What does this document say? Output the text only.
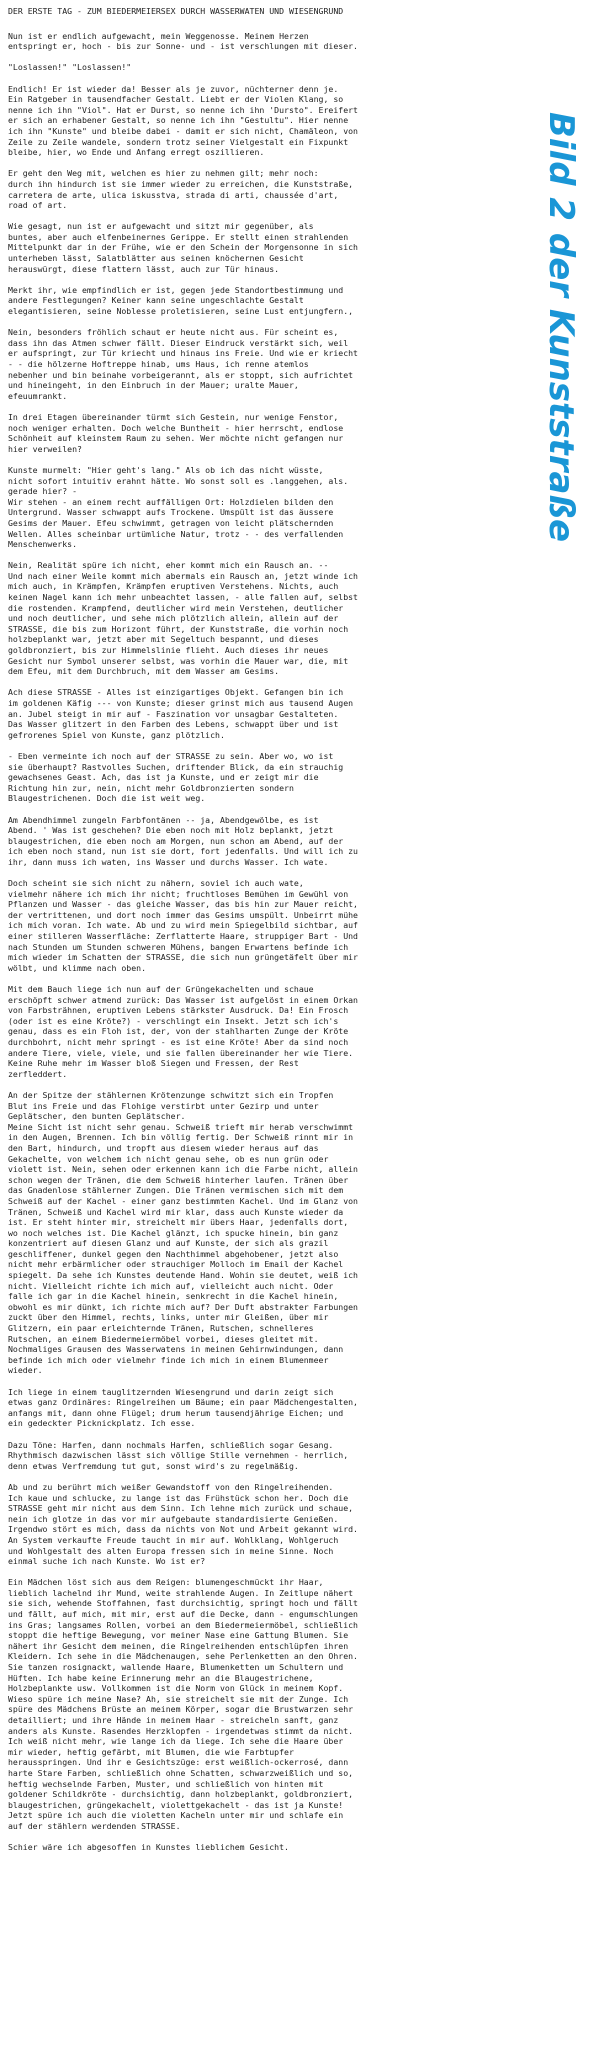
DER ERSTE TAG - ZUM BIEDERMEIERSEX DURCH WASSERWATEN UND WIESENGRUND

Nun ist er endlich aufgewacht, mein Weggenosse. Meinem Herzen
entspringt er, hoch - bis zur Sonne- und - ist verschlungen mit dieser.

"Loslassen!" "Loslassen!"

Endlich! Er ist wieder da! Besser als je zuvor, nüchterner denn je.
Ein Ratgeber in tausendfacher Gestalt. Liebt er der Violen Klang, so
nenne ich ihn "Viol". Hat er Durst, so nenne ich ihn 'Dursto". Ereifert
er sich an erhabener Gestalt, so nenne ich ihn "Gestultu". Hier nenne
ich ihn "Kunste" und bleibe dabei - damit er sich nicht, Chamäleon, von
Zeile zu Zeile wandele, sondern trotz seiner Vielgestalt ein Fixpunkt
bleibe, hier, wo Ende und Anfang erregt oszillieren.

Er geht den Weg mit, welchen es hier zu nehmen gilt; mehr noch:
durch ihn hindurch ist sie immer wieder zu erreichen, die Kunststraße,
carretera de arte, ulica iskusstva, strada di arti, chaussée d'art,
road of art.

Wie gesagt, nun ist er aufgewacht und sitzt mir gegenüber, als
buntes, aber auch elfenbeinernes Gerippe. Er stellt einen strahlenden
Mittelpunkt dar in der Frühe, wie er den Schein der Morgensonne in sich
unterheben lässt, Salatblätter aus seinen knöchernen Gesicht
herauswürgt, diese flattern lässt, auch zur Tür hinaus.

Merkt ihr, wie empfindlich er ist, gegen jede Standortbestimmung und
andere Festlegungen? Keiner kann seine ungeschlachte Gestalt
elegantisieren, seine Noblesse proletisieren, seine Lust entjungfern.,

Nein, besonders fröhlich schaut er heute nicht aus. Für scheint es,
dass ihn das Atmen schwer fällt. Dieser Eindruck verstärkt sich, weil
er aufspringt, zur Tür kriecht und hinaus ins Freie. Und wie er kriecht
- - die hölzerne Hoftreppe hinab, ums Haus, ich renne atemlos
nebenher und bin beinahe vorbeigerannt, als er stoppt, sich aufrichtet
und hineingeht, in den Einbruch in der Mauer; uralte Mauer,
efeuumrankt.

In drei Etagen übereinander türmt sich Gestein, nur wenige Fenstor,
noch weniger erhalten. Doch welche Buntheit - hier herrscht, endlose
Schönheit auf kleinstem Raum zu sehen. Wer möchte nicht gefangen nur
hier verweilen?

Kunste murmelt: "Hier geht's lang." Als ob ich das nicht wüsste,
nicht sofort intuitiv erahnt hätte. Wo sonst soll es .langgehen, als.
gerade hier? -
Wir stehen - an einem recht auffälligen Ort: Holzdielen bilden den
Untergrund. Wasser schwappt aufs Trockene. Umspült ist das äussere
Gesims der Mauer. Efeu schwimmt, getragen von leicht plätschernden
Wellen. Alles scheinbar urtümliche Natur, trotz - - des verfallenden
Menschenwerks.

Nein, Realität spüre ich nicht, eher kommt mich ein Rausch an. --
Und nach einer Weile kommt mich abermals ein Rausch an, jetzt winde ich
mich auch, in Krämpfen, Krämpfen eruptiven Verstehens. Nichts, auch
keinen Nagel kann ich mehr unbeachtet lassen, - alle fallen auf, selbst
die rostenden. Krampfend, deutlicher wird mein Verstehen, deutlicher
und noch deutlicher, und sehe mich plötzlich allein, allein auf der
STRASSE, die bis zum Horizont führt, der Kunststraße, die vorhin noch
holzbeplankt war, jetzt aber mit Segeltuch bespannt, und dieses
goldbronziert, bis zur Himmelslinie flieht. Auch dieses ihr neues
Gesicht nur Symbol unserer selbst, was vorhin die Mauer war, die, mit
dem Efeu, mit dem Durchbruch, mit dem Wasser am Gesims.

Ach diese STRASSE - Alles ist einzigartiges Objekt. Gefangen bin ich
im goldenen Käfig --- von Kunste; dieser grinst mich aus tausend Augen
an. Jubel steigt in mir auf - Faszination vor unsagbar Gestalteten.
Das Wasser glitzert in den Farben des Lebens, schwappt über und ist
gefrorenes Spiel von Kunste, ganz plötzlich.

- Eben vermeinte ich noch auf der STRASSE zu sein. Aber wo, wo ist
sie überhaupt? Rastvolles Suchen, driftender Blick, da ein strauchig
gewachsenes Geast. Ach, das ist ja Kunste, und er zeigt mir die
Richtung hin zur, nein, nicht mehr Goldbronzierten sondern
Blaugestrichenen. Doch die ist weit weg.

Am Abendhimmel zungeln Farbfontänen -- ja, Abendgewölbe, es ist
Abend. ' Was ist geschehen? Die eben noch mit Holz beplankt, jetzt
blaugestrichen, die eben noch am Morgen, nun schon am Abend, auf der
ich eben noch stand, nun ist sie dort, fort jedenfalls. Und will ich zu
ihr, dann muss ich waten, ins Wasser und durchs Wasser. Ich wate.

Doch scheint sie sich nicht zu nähern, soviel ich auch wate,
vielmehr nähere ich mich ihr nicht; fruchtloses Bemühen im Gewühl von
Pflanzen und Wasser - das gleiche Wasser, das bis hin zur Mauer reicht,
der vertrittenen, und dort noch immer das Gesims umspült. Unbeirrt mühe
ich mich voran. Ich wate. Ab und zu wird mein Spiegelbild sichtbar, auf
einer stilleren Wasserfläche: Zerflatterte Haare, struppiger Bart - Und
nach Stunden um Stunden schweren Mühens, bangen Erwartens befinde ich
mich wieder im Schatten der STRASSE, die sich nun grüngetäfelt über mir
wölbt, und klimme nach oben.

Mit dem Bauch liege ich nun auf der Grüngekachelten und schaue
erschöpft schwer atmend zurück: Das Wasser ist aufgelöst in einem Orkan
von Farbsträhnen, eruptiven Lebens stärkster Ausdruck. Da! Ein Frosch
(oder ist es eine Kröte?) - verschlingt ein Insekt. Jetzt sch ich's
genau, dass es ein Floh ist, der, von der stahlharten Zunge der Kröte
durchbohrt, nicht mehr springt - es ist eine Kröte! Aber da sind noch
andere Tiere, viele, viele, und sie fallen übereinander her wie Tiere.
Keine Ruhe mehr im Wasser bloß Siegen und Fressen, der Rest
zerfleddert.

An der Spitze der stählernen Krötenzunge schwitzt sich ein Tropfen
Blut ins Freie und das Flohige verstirbt unter Gezirp und unter
Geplätscher, den bunten Geplätscher.
Meine Sicht ist nicht sehr genau. Schweiß trieft mir herab verschwimmt
in den Augen, Brennen. Ich bin völlig fertig. Der Schweiß rinnt mir in
den Bart, hindurch, und tropft aus diesem wieder heraus auf das
Gekachelte, von welchem ich nicht genau sehe, ob es nun grün oder
violett ist. Nein, sehen oder erkennen kann ich die Farbe nicht, allein
schon wegen der Tränen, die dem Schweiß hinterher laufen. Tränen über
das Gnadenlose stählerner Zungen. Die Tränen vermischen sich mit dem
Schweiß auf der Kachel - einer ganz bestimmten Kachel. Und im Glanz von
Tränen, Schweiß und Kachel wird mir klar, dass auch Kunste wieder da
ist. Er steht hinter mir, streichelt mir übers Haar, jedenfalls dort,
wo noch welches ist. Die Kachel glänzt, ich spucke hinein, bin ganz
konzentriert auf diesen Glanz und auf Kunste, der sich als grazil
geschliffener, dunkel gegen den Nachthimmel abgehobener, jetzt also
nicht mehr erbärmlicher oder strauchiger Molloch im Email der Kachel
spiegelt. Da sehe ich Kunstes deutende Hand. Wohin sie deutet, weiß ich
nicht. Vielleicht richte ich mich auf, vielleicht auch nicht. Oder
falle ich gar in die Kachel hinein, senkrecht in die Kachel hinein,
obwohl es mir dünkt, ich richte mich auf? Der Duft abstrakter Farbungen
zuckt über den Himmel, rechts, links, unter mir Gleißen, über mir
Glitzern, ein paar erleichternde Tränen, Rutschen, schnelleres
Rutschen, an einem Biedermeiermöbel vorbei, dieses gleitet mit.
Nochmaliges Grausen des Wasserwatens in meinen Gehirnwindungen, dann
befinde ich mich oder vielmehr finde ich mich in einem Blumenmeer
wieder.

Ich liege in einem tauglitzernden Wiesengrund und darin zeigt sich
etwas ganz Ordinäres: Ringelreihen um Bäume; ein paar Mädchengestalten,
anfangs mit, dann ohne Flügel; drum herum tausendjährige Eichen; und
ein gedeckter Picknickplatz. Ich esse.

Dazu Töne: Harfen, dann nochmals Harfen, schließlich sogar Gesang.
Rhythmisch dazwischen lässt sich völlige Stille vernehmen - herrlich,
denn etwas Verfremdung tut gut, sonst wird's zu regelmäßig.

Ab und zu berührt mich weißer Gewandstoff von den Ringelreihenden.
Ich kaue und schlucke, zu lange ist das Frühstück schon her. Doch die
STRASSE geht mir nicht aus dem Sinn. Ich lehne mich zurück und schaue,
nein ich glotze in das vor mir aufgebaute standardisierte Genießen.
Irgendwo stört es mich, dass da nichts von Not und Arbeit gekannt wird.
An System verkaufte Freude taucht in mir auf. Wohlklang, Wohlgeruch
und Wohlgestalt des alten Europa fressen sich in meine Sinne. Noch
einmal suche ich nach Kunste. Wo ist er?

Ein Mädchen löst sich aus dem Reigen: blumengeschmückt ihr Haar,
lieblich lachelnd ihr Mund, weite strahlende Augen. In Zeitlupe nähert
sie sich, wehende Stoffahnen, fast durchsichtig, springt hoch und fällt
und fällt, auf mich, mit mir, erst auf die Decke, dann - engumschlungen
ins Gras; langsames Rollen, vorbei an dem Biedermeiermöbel, schließlich
stoppt die heftige Bewegung, vor meiner Nase eine Gattung Blumen. Sie
nähert ihr Gesicht dem meinen, die Ringelreihenden entschlüpfen ihren
Kleidern. Ich sehe in die Mädchenaugen, sehe Perlenketten an den Ohren.
Sie tanzen rosignackt, wallende Haare, Blumenketten um Schultern und
Hüften. Ich habe keine Erinnerung mehr an die Blaugestrichene,
Holzbeplankte usw. Vollkommen ist die Norm von Glück in meinem Kopf.
Wieso spüre ich meine Nase? Ah, sie streichelt sie mit der Zunge. Ich
spüre des Mädchens Brüste an meinem Körper, sogar die Brustwarzen sehr
detailliert; und ihre Hände in meinem Haar - streicheln sanft, ganz
anders als Kunste. Rasendes Herzklopfen - irgendetwas stimmt da nicht.
Ich weiß nicht mehr, wie lange ich da liege. Ich sehe die Haare über
mir wieder, heftig gefärbt, mit Blumen, die wie Farbtupfer
herausspringen. Und ihr e Gesichtszüge: erst weißlich-ockerrosé, dann
harte Stare Farben, schließlich ohne Schatten, schwarzweißlich und so,
heftig wechselnde Farben, Muster, und schließlich von hinten mit
goldener Schildkröte - durchsichtig, dann holzbeplankt, goldbronziert,
blaugestrichen, grüngekachelt, violettgekachelt - das ist ja Kunste!
Jetzt spüre ich auch die violetten Kacheln unter mir und schlafe ein
auf der stählern werdenden STRASSE.

Schier wäre ich abgesoffen in Kunstes lieblichem Gesicht.

Bild 2 der Kunststraße
